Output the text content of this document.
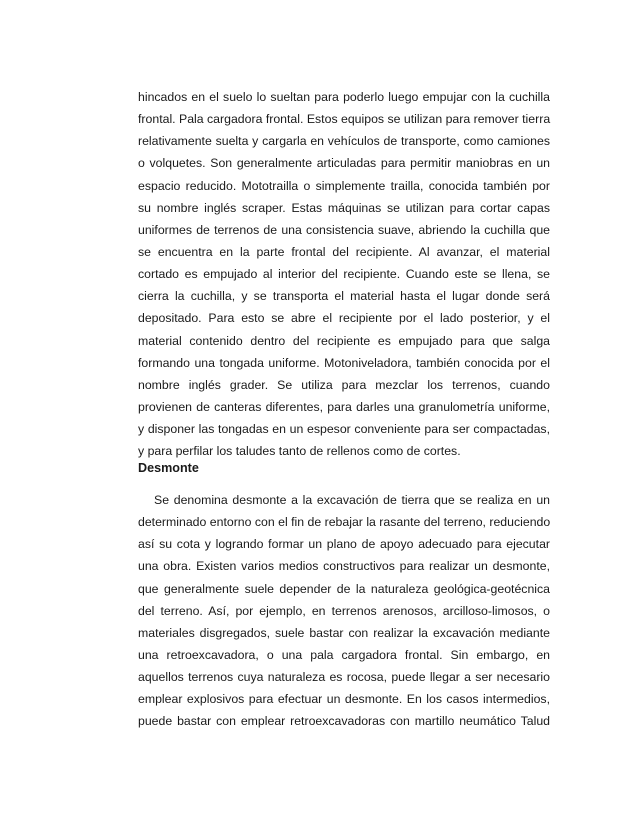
hincados en el suelo lo sueltan para poderlo luego empujar con la cuchilla
frontal. Pala cargadora frontal. Estos equipos se utilizan para remover tierra
relativamente suelta y cargarla en vehículos de transporte, como camiones
o volquetes. Son generalmente articuladas para permitir maniobras en un
espacio reducido. Mototrailla o simplemente trailla, conocida también por
su nombre inglés scraper. Estas máquinas se utilizan para cortar capas
uniformes de terrenos de una consistencia suave, abriendo la cuchilla que
se encuentra en la parte frontal del recipiente. Al avanzar, el material
cortado es empujado al interior del recipiente. Cuando este se llena, se
cierra la cuchilla, y se transporta el material hasta el lugar donde será
depositado. Para esto se abre el recipiente por el lado posterior, y el
material contenido dentro del recipiente es empujado para que salga
formando una tongada uniforme. Motoniveladora, también conocida por el
nombre inglés grader. Se utiliza para mezclar los terrenos, cuando
provienen de canteras diferentes, para darles una granulometría uniforme,
y disponer las tongadas en un espesor conveniente para ser compactadas,
y para perfilar los taludes tanto de rellenos como de cortes.
Desmonte
Se denomina desmonte a la excavación de tierra que se realiza en un
determinado entorno con el fin de rebajar la rasante del terreno, reduciendo
así su cota y logrando formar un plano de apoyo adecuado para ejecutar
una obra. Existen varios medios constructivos para realizar un desmonte,
que generalmente suele depender de la naturaleza geológica-geotécnica
del terreno. Así, por ejemplo, en terrenos arenosos, arcilloso-limosos, o
materiales disgregados, suele bastar con realizar la excavación mediante
una retroexcavadora, o una pala cargadora frontal. Sin embargo, en
aquellos terrenos cuya naturaleza es rocosa, puede llegar a ser necesario
emplear explosivos para efectuar un desmonte. En los casos intermedios,
puede bastar con emplear retroexcavadoras con martillo neumático Talud
